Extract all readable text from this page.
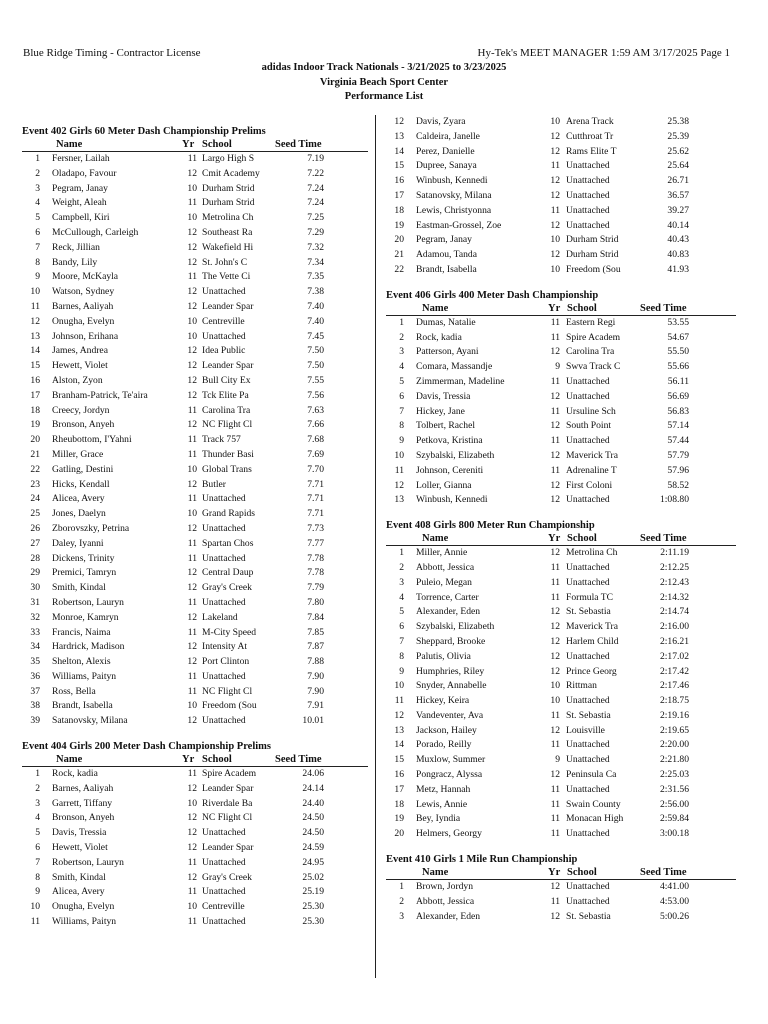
Blue Ridge Timing - Contractor License	Hy-Tek's MEET MANAGER 1:59 AM 3/17/2025 Page 1
adidas Indoor Track Nationals - 3/21/2025 to 3/23/2025
Virginia Beach Sport Center
Performance List
Event 402 Girls 60 Meter Dash Championship Prelims
Name	Yr School	Seed Time
1 Fersner, Lailah	11 Largo High S	7.19
2 Oladapo, Favour	12 Cmit Academy	7.22
3 Pegram, Janay	10 Durham Strid	7.24
4 Weight, Aleah	11 Durham Strid	7.24
5 Campbell, Kiri	10 Metrolina Ch	7.25
6 McCullough, Carleigh	12 Southeast Ra	7.29
7 Reck, Jillian	12 Wakefield Hi	7.32
8 Bandy, Lily	12 St. John's C	7.34
9 Moore, McKayla	11 The Vette Ci	7.35
10 Watson, Sydney	12 Unattached	7.38
11 Barnes, Aaliyah	12 Leander Spar	7.40
12 Onugha, Evelyn	10 Centreville	7.40
13 Johnson, Erihana	10 Unattached	7.45
14 James, Andrea	12 Idea Public	7.50
15 Hewett, Violet	12 Leander Spar	7.50
16 Alston, Zyon	12 Bull City Ex	7.55
17 Branham-Patrick, Te'aira	12 Tck Elite Pa	7.56
18 Creecy, Jordyn	11 Carolina Tra	7.63
19 Bronson, Anyeh	12 NC Flight Cl	7.66
20 Rheubottom, I'Yahni	11 Track 757	7.68
21 Miller, Grace	11 Thunder Basi	7.69
22 Gatling, Destini	10 Global Trans	7.70
23 Hicks, Kendall	12 Butler	7.71
24 Alicea, Avery	11 Unattached	7.71
25 Jones, Daelyn	10 Grand Rapids	7.71
26 Zborovszky, Petrina	12 Unattached	7.73
27 Daley, Iyanni	11 Spartan Chos	7.77
28 Dickens, Trinity	11 Unattached	7.78
29 Premici, Tamryn	12 Central Daup	7.78
30 Smith, Kindal	12 Gray's Creek	7.79
31 Robertson, Lauryn	11 Unattached	7.80
32 Monroe, Kamryn	12 Lakeland	7.84
33 Francis, Naima	11 M-City Speed	7.85
34 Hardrick, Madison	12 Intensity At	7.87
35 Shelton, Alexis	12 Port Clinton	7.88
36 Williams, Paityn	11 Unattached	7.90
37 Ross, Bella	11 NC Flight Cl	7.90
38 Brandt, Isabella	10 Freedom (Sou	7.91
39 Satanovsky, Milana	12 Unattached	10.01
Event 404 Girls 200 Meter Dash Championship Prelims
Name	Yr School	Seed Time
1 Rock, kadia	11 Spire Academ	24.06
2 Barnes, Aaliyah	12 Leander Spar	24.14
3 Garrett, Tiffany	10 Riverdale Ba	24.40
4 Bronson, Anyeh	12 NC Flight Cl	24.50
5 Davis, Tressia	12 Unattached	24.50
6 Hewett, Violet	12 Leander Spar	24.59
7 Robertson, Lauryn	11 Unattached	24.95
8 Smith, Kindal	12 Gray's Creek	25.02
9 Alicea, Avery	11 Unattached	25.19
10 Onugha, Evelyn	10 Centreville	25.30
11 Williams, Paityn	11 Unattached	25.30
12 Davis, Zyara	10 Arena Track	25.38
13 Caldeira, Janelle	12 Cutthroat Tr	25.39
14 Perez, Danielle	12 Rams Elite T	25.62
15 Dupree, Sanaya	11 Unattached	25.64
16 Winbush, Kennedi	12 Unattached	26.71
17 Satanovsky, Milana	12 Unattached	36.57
18 Lewis, Christyonna	11 Unattached	39.27
19 Eastman-Grossel, Zoe	12 Unattached	40.14
20 Pegram, Janay	10 Durham Strid	40.43
21 Adamou, Tanda	12 Durham Strid	40.83
22 Brandt, Isabella	10 Freedom (Sou	41.93
Event 406 Girls 400 Meter Dash Championship
Name	Yr School	Seed Time
1 Dumas, Natalie	11 Eastern Regi	53.55
2 Rock, kadia	11 Spire Academ	54.67
3 Patterson, Ayani	12 Carolina Tra	55.50
4 Comara, Massandje	9 Swva Track C	55.66
5 Zimmerman, Madeline	11 Unattached	56.11
6 Davis, Tressia	12 Unattached	56.69
7 Hickey, Jane	11 Ursuline Sch	56.83
8 Tolbert, Rachel	12 South Point	57.14
9 Petkova, Kristina	11 Unattached	57.44
10 Szybalski, Elizabeth	12 Maverick Tra	57.79
11 Johnson, Cereniti	11 Adrenaline T	57.96
12 Loller, Gianna	12 First Coloni	58.52
13 Winbush, Kennedi	12 Unattached	1:08.80
Event 408 Girls 800 Meter Run Championship
Name	Yr School	Seed Time
1 Miller, Annie	12 Metrolina Ch	2:11.19
2 Abbott, Jessica	11 Unattached	2:12.25
3 Puleio, Megan	11 Unattached	2:12.43
4 Torrence, Carter	11 Formula TC	2:14.32
5 Alexander, Eden	12 St. Sebastia	2:14.74
6 Szybalski, Elizabeth	12 Maverick Tra	2:16.00
7 Sheppard, Brooke	12 Harlem Child	2:16.21
8 Palutis, Olivia	12 Unattached	2:17.02
9 Humphries, Riley	12 Prince Georg	2:17.42
10 Snyder, Annabelle	10 Rittman	2:17.46
11 Hickey, Keira	10 Unattached	2:18.75
12 Vandeventer, Ava	11 St. Sebastia	2:19.16
13 Jackson, Hailey	12 Louisville	2:19.65
14 Porado, Reilly	11 Unattached	2:20.00
15 Muxlow, Summer	9 Unattached	2:21.80
16 Pongracz, Alyssa	12 Peninsula Ca	2:25.03
17 Metz, Hannah	11 Unattached	2:31.56
18 Lewis, Annie	11 Swain County	2:56.00
19 Bey, Iyndia	11 Monacan High	2:59.84
20 Helmers, Georgy	11 Unattached	3:00.18
Event 410 Girls 1 Mile Run Championship
Name	Yr School	Seed Time
1 Brown, Jordyn	12 Unattached	4:41.00
2 Abbott, Jessica	11 Unattached	4:53.00
3 Alexander, Eden	12 St. Sebastia	5:00.26
